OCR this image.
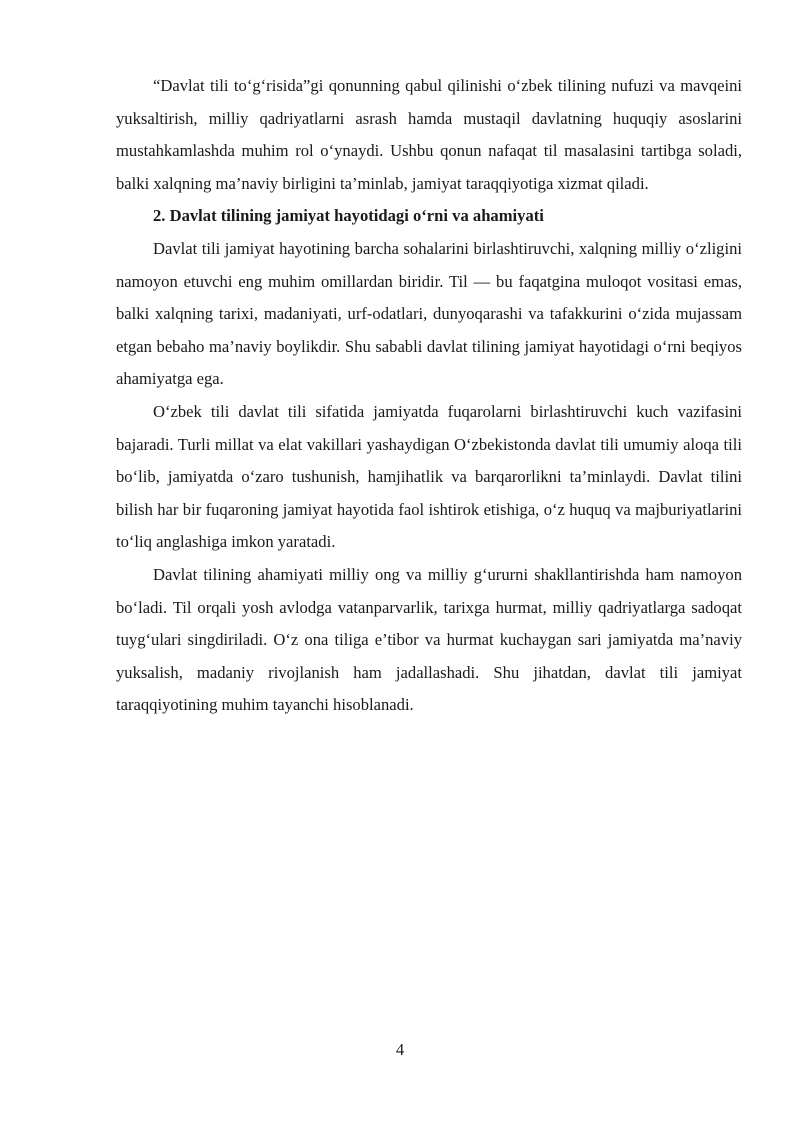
“Davlat tili to‘g‘risida”gi qonunning qabul qilinishi o‘zbek tilining nufuzi va mavqeini yuksaltirish, milliy qadriyatlarni asrash hamda mustaqil davlatning huquqiy asoslarini mustahkamlashda muhim rol o‘ynaydi. Ushbu qonun nafaqat til masalasini tartibga soladi, balki xalqning ma’naviy birligini ta’minlab, jamiyat taraqqiyotiga xizmat qiladi.

2. Davlat tilining jamiyat hayotidagi o‘rni va ahamiyati

Davlat tili jamiyat hayotining barcha sohalarini birlashtiruvchi, xalqning milliy o‘zligini namoyon etuvchi eng muhim omillardan biridir. Til — bu faqatgina muloqot vositasi emas, balki xalqning tarixi, madaniyati, urf-odatlari, dunyoqarashi va tafakkurini o‘zida mujassam etgan bebaho ma’naviy boylikdir. Shu sababli davlat tilining jamiyat hayotidagi o‘rni beqiyos ahamiyatga ega.

O‘zbek tili davlat tili sifatida jamiyatda fuqarolarni birlashtiruvchi kuch vazifasini bajaradi. Turli millat va elat vakillari yashaydigan O‘zbekistonda davlat tili umumiy aloqa tili bo‘lib, jamiyatda o‘zaro tushunish, hamjihatlik va barqarorlikni ta’minlaydi. Davlat tilini bilish har bir fuqaroning jamiyat hayotida faol ishtirok etishiga, o‘z huquq va majburiyatlarini to‘liq anglashiga imkon yaratadi.

Davlat tilining ahamiyati milliy ong va milliy g‘ururni shakllantirishda ham namoyon bo‘ladi. Til orqali yosh avlodga vatanparvarlik, tarixga hurmat, milliy qadriyatlarga sadoqat tuyg‘ulari singdiriladi. O‘z ona tiliga e’tibor va hurmat kuchaygan sari jamiyatda ma’naviy yuksalish, madaniy rivojlanish ham jadallashadi. Shu jihatdan, davlat tili jamiyat taraqqiyotining muhim tayanchi hisoblanadi.

4
